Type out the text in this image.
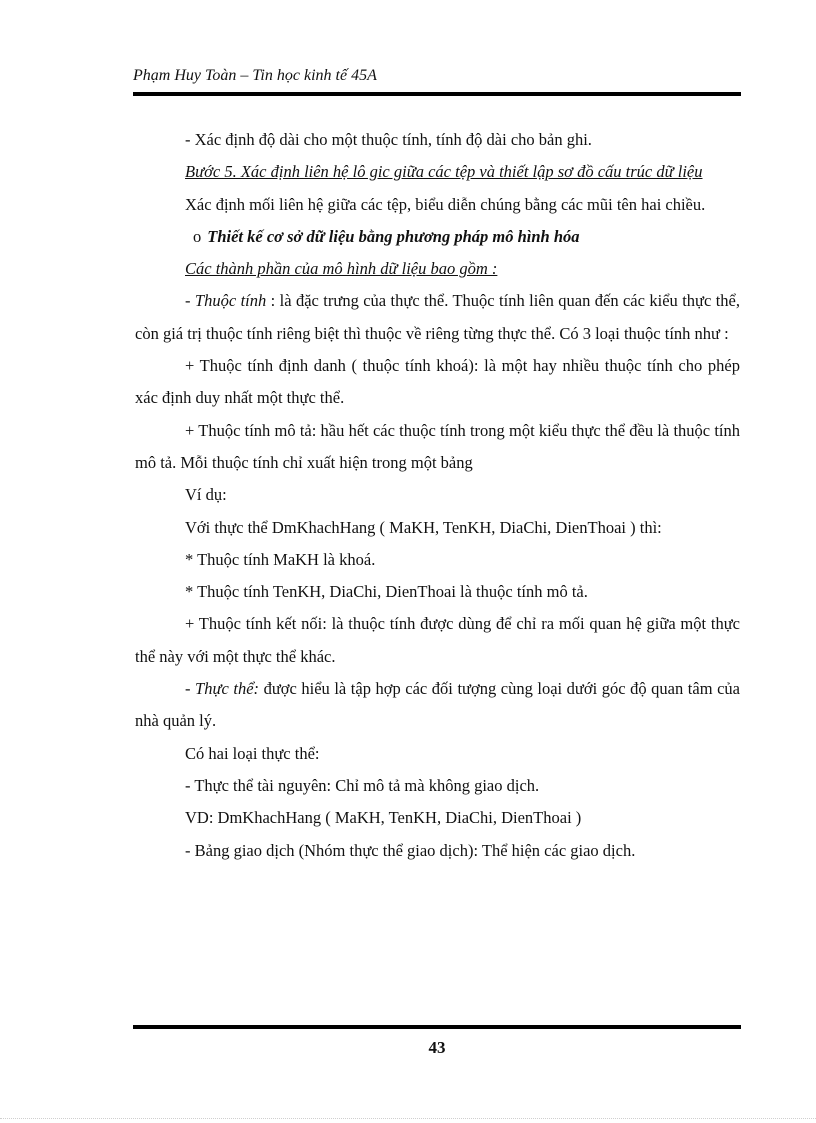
Phạm Huy Toàn – Tin học kinh tế 45A

- Xác định độ dài cho một thuộc tính, tính độ dài cho bản ghi.

Bước 5. Xác định liên hệ lô gic giữa các tệp và thiết lập sơ đồ cấu trúc dữ liệu

Xác định mối liên hệ giữa các tệp, biểu diễn chúng bằng các mũi tên hai chiều.

o Thiết kế cơ sở dữ liệu bằng phương pháp mô hình hóa

Các thành phần của mô hình dữ liệu bao gồm :

- Thuộc tính : là đặc trưng của thực thể. Thuộc tính liên quan đến các kiểu thực thể, còn giá trị thuộc tính riêng biệt thì thuộc về riêng từng thực thể. Có 3 loại thuộc tính như :

+ Thuộc tính định danh ( thuộc tính khoá): là một hay nhiều thuộc tính cho phép xác định duy nhất một thực thể.

+ Thuộc tính mô tả: hầu hết các thuộc tính trong một kiểu thực thể đều là thuộc tính mô tả. Mỗi thuộc tính chỉ xuất hiện trong một bảng

Ví dụ:

Với thực thể DmKhachHang ( MaKH, TenKH, DiaChi, DienThoai ) thì:

* Thuộc tính MaKH là khoá.

* Thuộc tính TenKH, DiaChi, DienThoai là thuộc tính mô tả.

+ Thuộc tính kết nối: là thuộc tính được dùng để chỉ ra mối quan hệ giữa một thực thể này với một thực thể khác.

- Thực thể: được hiểu là tập hợp các đối tượng cùng loại dưới góc độ quan tâm của nhà quản lý.

Có hai loại thực thể:

- Thực thể tài nguyên: Chỉ mô tả mà không giao dịch.

VD: DmKhachHang ( MaKH, TenKH, DiaChi, DienThoai )

- Bảng giao dịch (Nhóm thực thể giao dịch): Thể hiện các giao dịch.

43
